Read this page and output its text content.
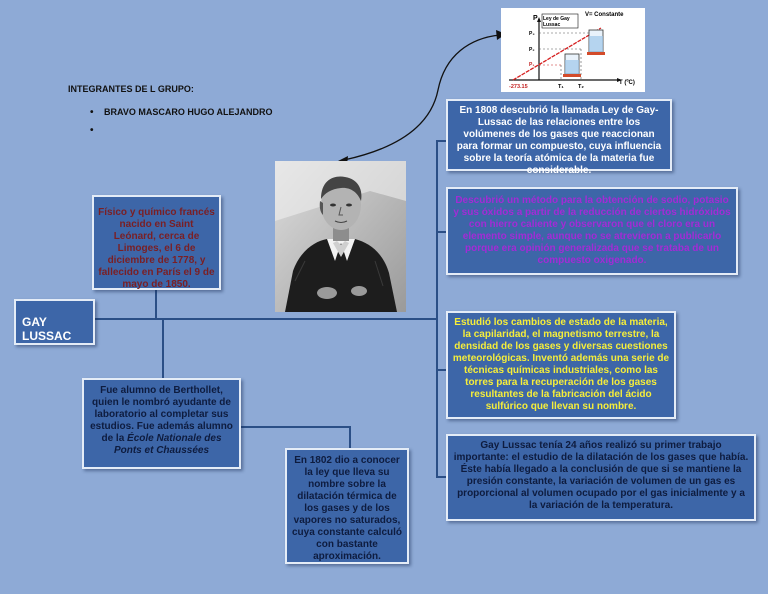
INTEGRANTES DE L GRUPO:
• BRAVO MASCARO HUGO ALEJANDRO
•
GAY LUSSAC
Físico y químico francés nacido en Saint Leónard, cerca de Limoges, el 6 de diciembre de 1778, y fallecido en París el 9 de mayo de 1850.
Fue alumno de Berthollet, quien le nombró ayudante de laboratorio al completar sus estudios. Fue además alumno de la École Nationale des Ponts et Chaussées
En 1802 dio a conocer la ley que lleva su nombre sobre la dilatación térmica de los gases y de los vapores no saturados, cuya constante calculó con bastante aproximación.
P	V= Constante
Ley de Gay
Lussac
P₃
P₂
P₁
-273.15	T₁	T₂
T (ºC)
En 1808 descubrió la llamada Ley de Gay-Lussac de las relaciones entre los volúmenes de los gases que reaccionan para formar un compuesto, cuya influencia sobre la teoría atómica de la materia fue considerable.
Descubrió un método para la obtención de sodio, potasio y sus óxidos a partir de la reducción de ciertos hidróxidos con hierro caliente y observaron que el cloro era un elemento simple, aunque no se atrevieron a publicarlo porque era opinión generalizada que se trataba de un compuesto oxigenado.
Estudió los cambios de estado de la materia, la capilaridad, el magnetismo terrestre, la densidad de los gases y diversas cuestiones meteorológicas. Inventó además una serie de técnicas químicas industriales, como las torres para la recuperación de los gases resultantes de la fabricación del ácido sulfúrico que llevan su nombre.
Gay Lussac tenía 24 años realizó su primer trabajo importante: el estudio de la dilatación de los gases que había. Éste había llegado a la conclusión de que si se mantiene la presión constante, la variación de volumen de un gas es proporcional al volumen ocupado por el gas inicialmente y a la variación de la temperatura.
